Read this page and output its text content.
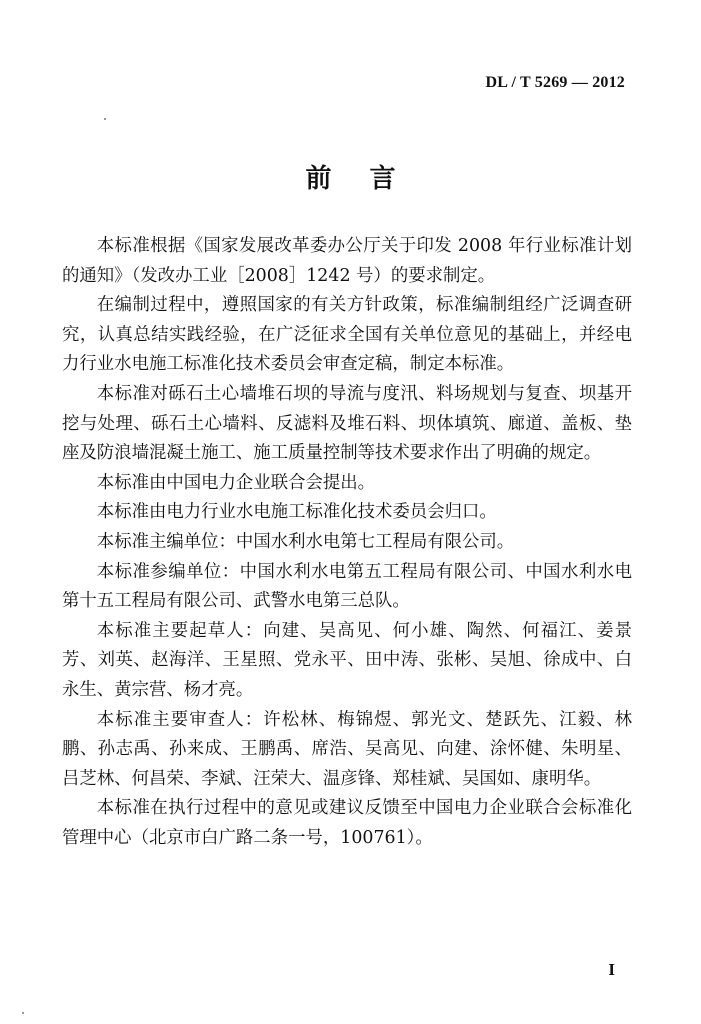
DL / T 5269 — 2012
前言

本标准根据《国家发展改革委办公厅关于印发 2008 年行业标准计划的通知》（发改办工业［2008］1242 号）的要求制定。

在编制过程中，遵照国家的有关方针政策，标准编制组经广泛调查研究，认真总结实践经验，在广泛征求全国有关单位意见的基础上，并经电力行业水电施工标准化技术委员会审查定稿，制定本标准。

本标准对砾石土心墙堆石坝的导流与度汛、料场规划与复查、坝基开挖与处理、砾石土心墙料、反滤料及堆石料、坝体填筑、廊道、盖板、垫座及防浪墙混凝土施工、施工质量控制等技术要求作出了明确的规定。

本标准由中国电力企业联合会提出。

本标准由电力行业水电施工标准化技术委员会归口。

本标准主编单位：中国水利水电第七工程局有限公司。

本标准参编单位：中国水利水电第五工程局有限公司、中国水利水电第十五工程局有限公司、武警水电第三总队。

本标准主要起草人：向建、吴高见、何小雄、陶然、何福江、姜景芳、刘英、赵海洋、王星照、党永平、田中涛、张彬、吴旭、徐成中、白永生、黄宗营、杨才亮。

本标准主要审查人：许松林、梅锦煜、郭光文、楚跃先、江毅、林鹏、孙志禹、孙来成、王鹏禹、席浩、吴高见、向建、涂怀健、朱明星、吕芝林、何昌荣、李斌、汪荣大、温彦锋、郑桂斌、吴国如、康明华。

本标准在执行过程中的意见或建议反馈至中国电力企业联合会标准化管理中心（北京市白广路二条一号，100761）。

I
